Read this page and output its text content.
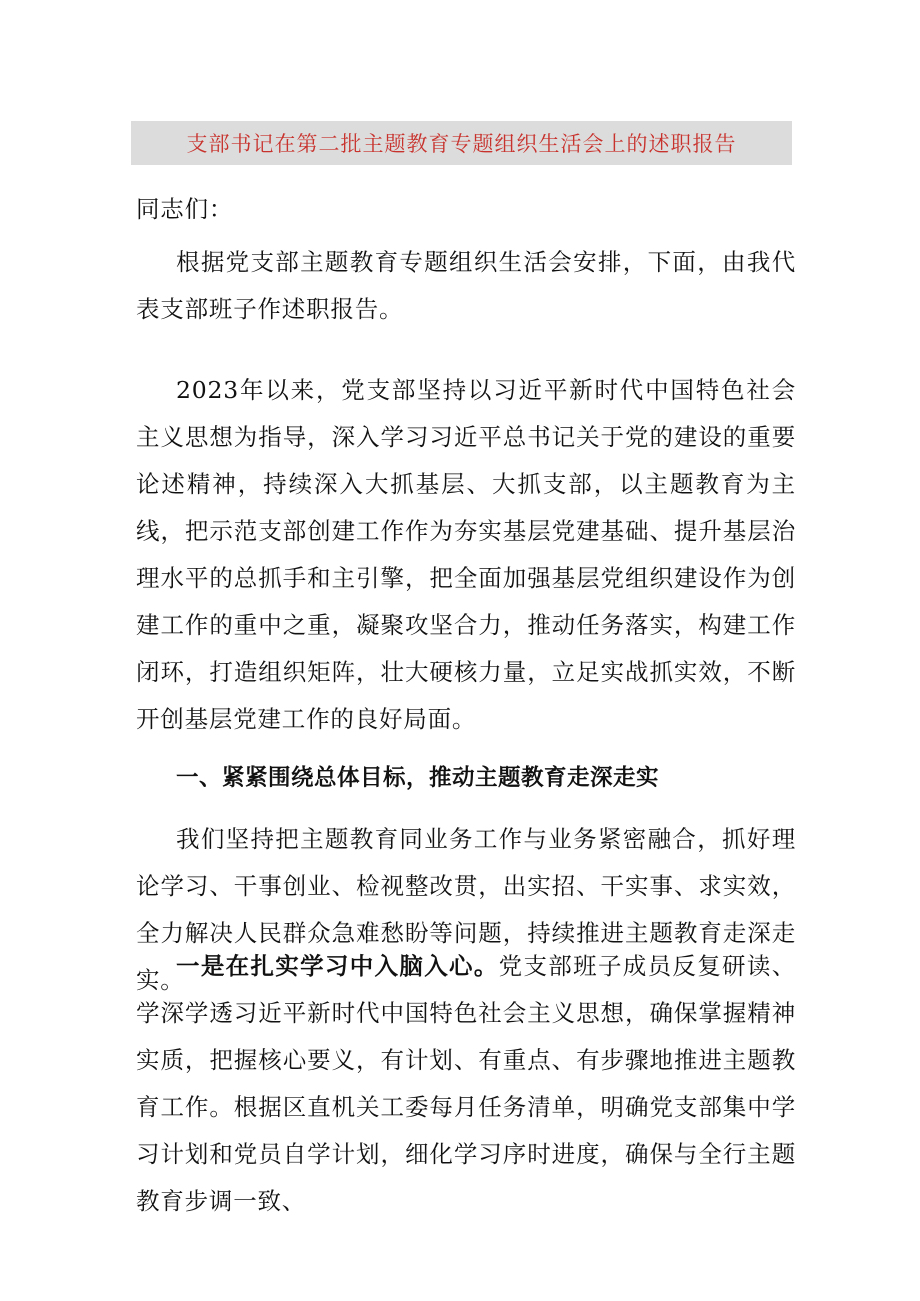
支部书记在第二批主题教育专题组织生活会上的述职报告
同志们：
根据党支部主题教育专题组织生活会安排，下面，由我代表支部班子作述职报告。
2023年以来，党支部坚持以习近平新时代中国特色社会主义思想为指导，深入学习习近平总书记关于党的建设的重要论述精神，持续深入大抓基层、大抓支部，以主题教育为主线，把示范支部创建工作作为夯实基层党建基础、提升基层治理水平的总抓手和主引擎，把全面加强基层党组织建设作为创建工作的重中之重，凝聚攻坚合力，推动任务落实，构建工作闭环，打造组织矩阵，壮大硬核力量，立足实战抓实效，不断开创基层党建工作的良好局面。
一、紧紧围绕总体目标，推动主题教育走深走实
我们坚持把主题教育同业务工作与业务紧密融合，抓好理论学习、干事创业、检视整改贯，出实招、干实事、求实效，全力解决人民群众急难愁盼等问题，持续推进主题教育走深走实。
一是在扎实学习中入脑入心。党支部班子成员反复研读、学深学透习近平新时代中国特色社会主义思想，确保掌握精神实质，把握核心要义，有计划、有重点、有步骤地推进主题教育工作。根据区直机关工委每月任务清单，明确党支部集中学习计划和党员自学计划，细化学习序时进度，确保与全行主题教育步调一致、
